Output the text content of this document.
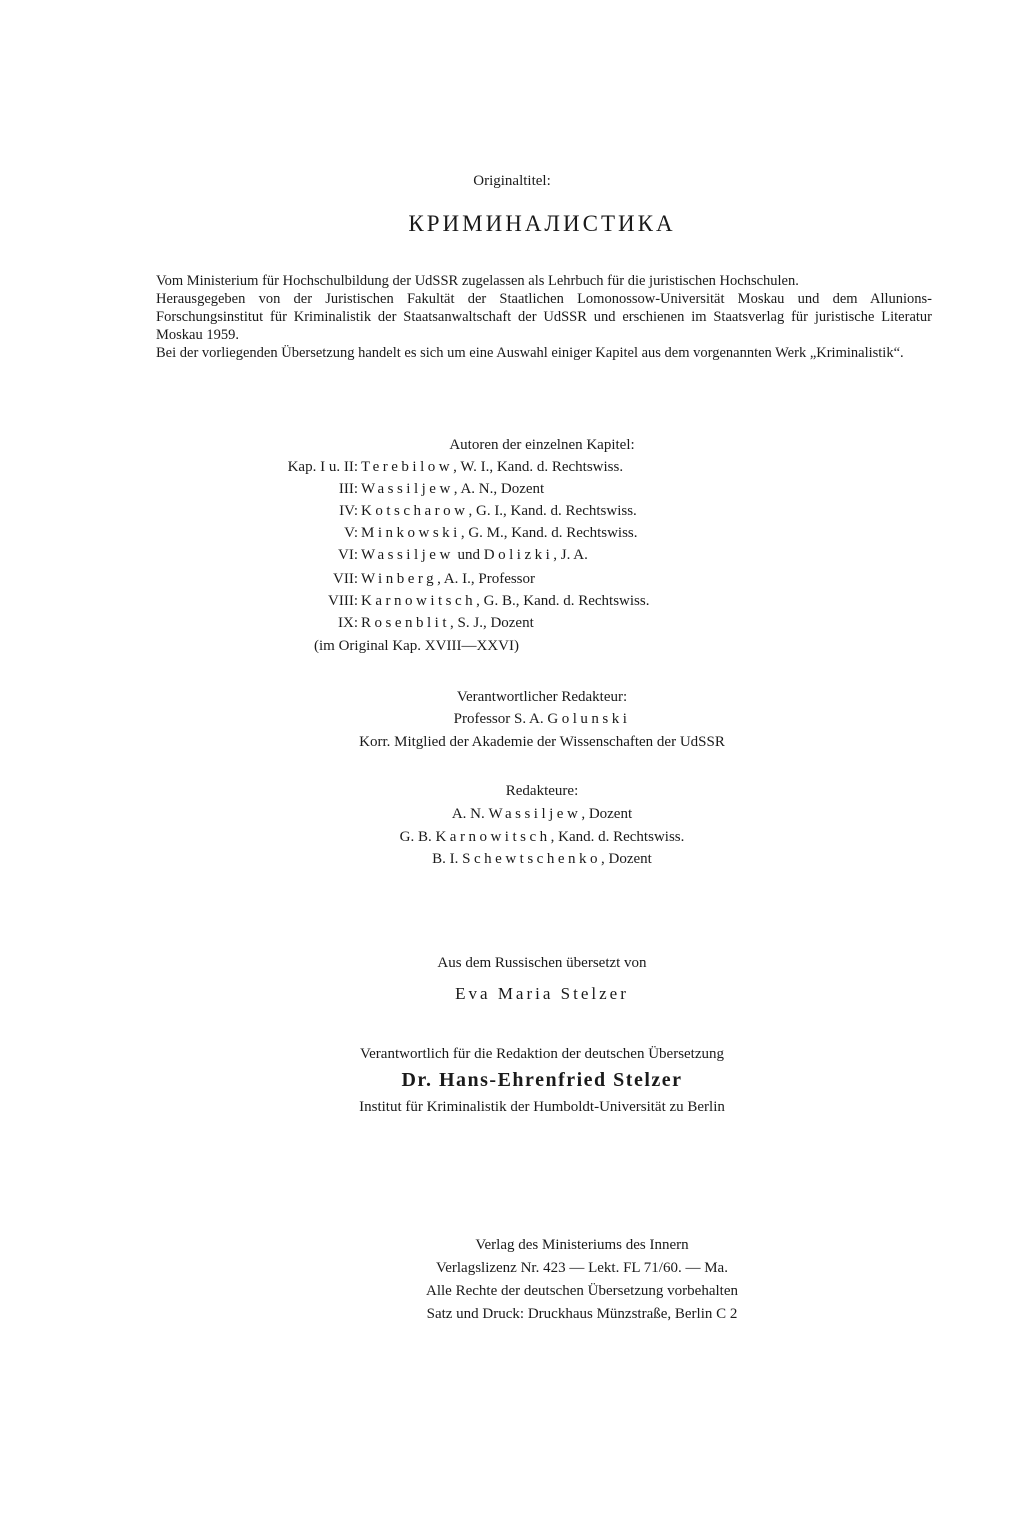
Originaltitel:
КРИМИНАЛИСТИКА

Vom Ministerium für Hochschulbildung der UdSSR zugelassen als Lehrbuch für die juristischen Hochschulen.

Herausgegeben von der Juristischen Fakultät der Staatlichen Lomonossow-Universität Moskau und dem Allunions-Forschungsinstitut für Kriminalistik der Staatsanwaltschaft der UdSSR und erschienen im Staatsverlag für juristische Literatur Moskau 1959.

Bei der vorliegenden Übersetzung handelt es sich um eine Auswahl einiger Kapitel aus dem vorgenannten Werk „Kriminalistik“.

Autoren der einzelnen Kapitel:
Kap. I u. II: Terebilow, W. I., Kand. d. Rechtswiss.
III: Wassiljew, A. N., Dozent
IV: Kotscharow, G. I., Kand. d. Rechtswiss.
V: Minkowski, G. M., Kand. d. Rechtswiss.
VI: Wassiljew und Dolizki, J. A.
VII: Winberg, A. I., Professor
VIII: Karnowitsch, G. B., Kand. d. Rechtswiss.
IX: Rosenblit, S. J., Dozent
(im Original Kap. XVIII—XXVI)
Verantwortlicher Redakteur:
Professor S. A. Golunski
Korr. Mitglied der Akademie der Wissenschaften der UdSSR
Redakteure:
A. N. Wassiljew, Dozent
G. B. Karnowitsch, Kand. d. Rechtswiss.
B. I. Schewtschenko, Dozent
Aus dem Russischen übersetzt von
Eva Maria Stelzer
Verantwortlich für die Redaktion der deutschen Übersetzung
Dr. Hans-Ehrenfried Stelzer
Institut für Kriminalistik der Humboldt-Universität zu Berlin
Verlag des Ministeriums des Innern
Verlagslizenz Nr. 423 — Lekt. FL 71/60. — Ma.
Alle Rechte der deutschen Übersetzung vorbehalten
Satz und Druck: Druckhaus Münzstraße, Berlin C 2
